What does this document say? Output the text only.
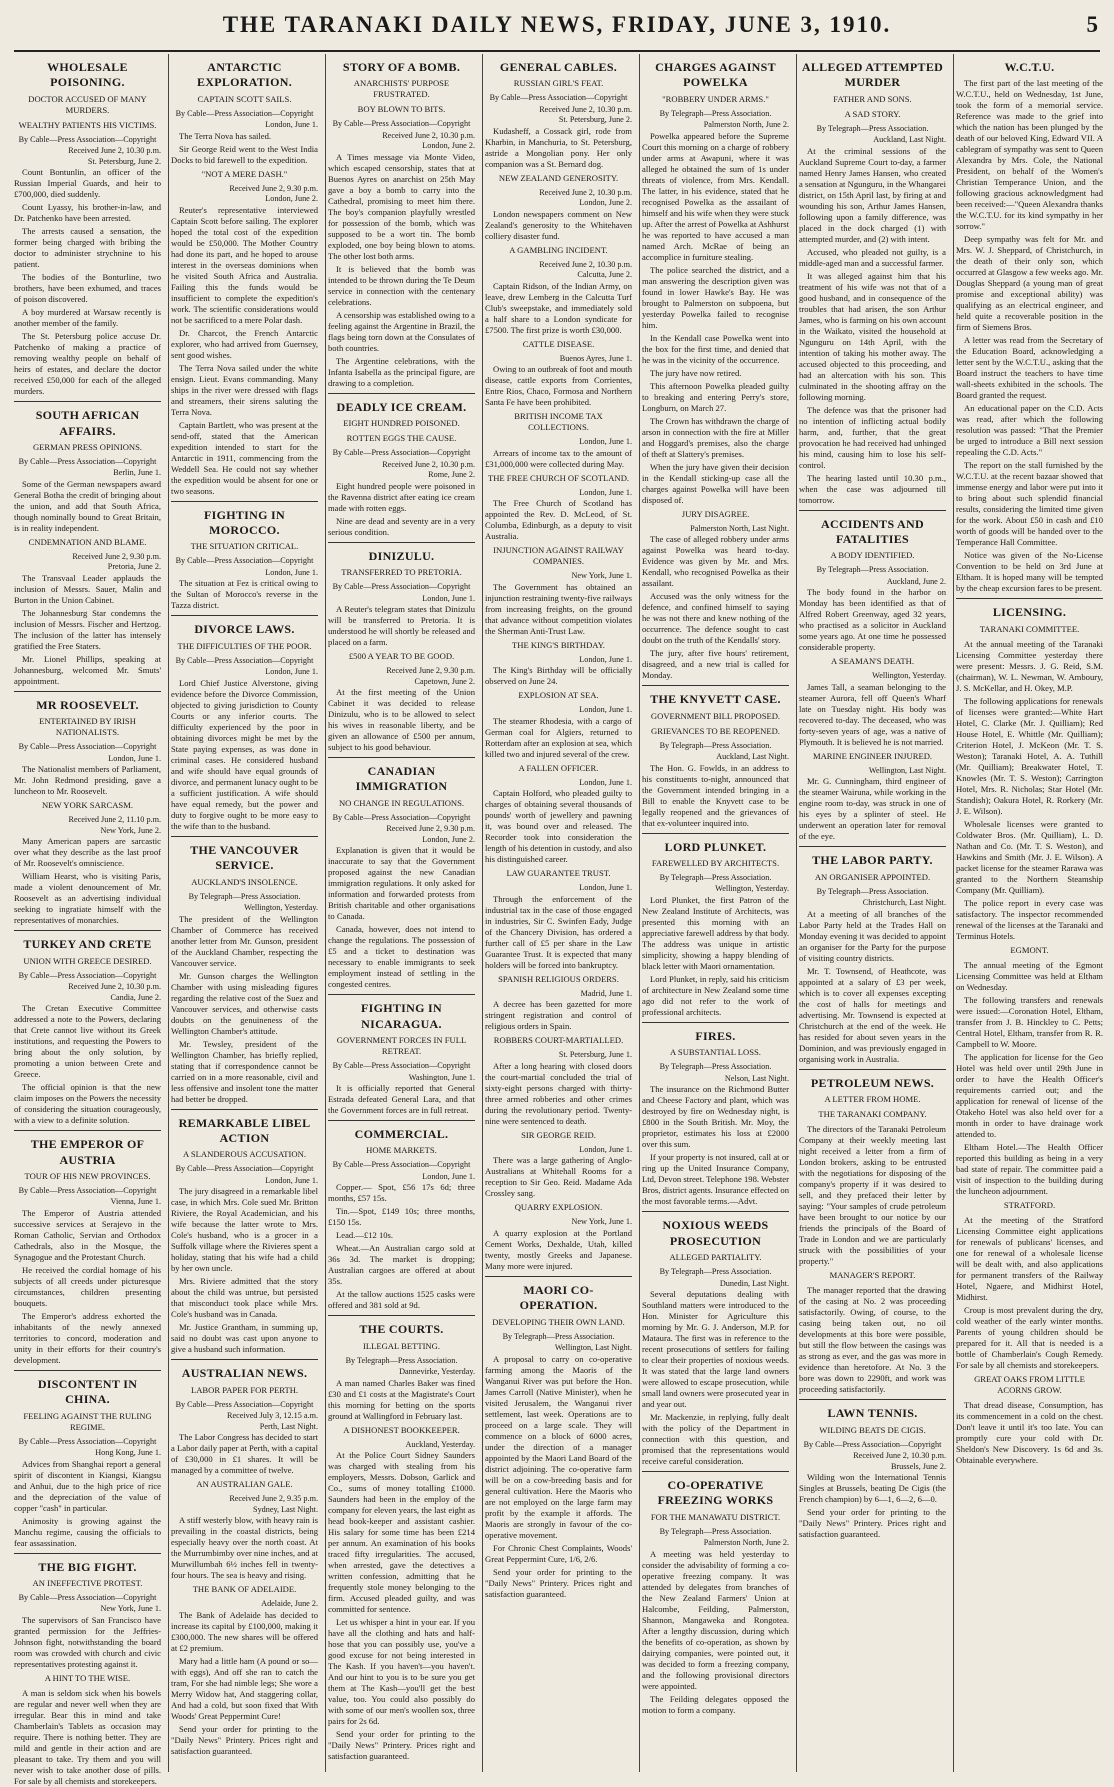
THE TARANAKI DAILY NEWS, FRIDAY, JUNE 3, 1910.	5
WHOLESALE POISONING.
DOCTOR ACCUSED OF MANY MURDERS.
WEALTHY PATIENTS HIS VICTIMS.
By Cable—Press Association—Copyright
Received June 2, 10.30 p.m.
St. Petersburg, June 2.

Count Bontunlin, an officer of the Russian Imperial Guards, and heir to £700,000, died suddenly.

Count Lyassy, his brother-in-law, and Dr. Patchenko have been arrested.

The arrests caused a sensation, the former being charged with bribing the doctor to administer strychnine to his patient.

The bodies of the Bonturline, two brothers, have been exhumed, and traces of poison discovered.

A boy murdered at Warsaw recently is another member of the family.

The St. Petersburg police accuse Dr. Patchenko of making a practice of removing wealthy people on behalf of heirs of estates, and declare the doctor received £50,000 for each of the alleged murders.

SOUTH AFRICAN AFFAIRS.
GERMAN PRESS OPINIONS.
By Cable—Press Association—Copyright
Berlin, June 1.

Some of the German newspapers award General Botha the credit of bringing about the union, and add that South Africa, though nominally bound to Great Britain, is in reality independent.

CNDEMNATION AND BLAME.
Received June 2, 9.30 p.m.
Pretoria, June 2.

The Transvaal Leader applauds the inclusion of Messrs. Sauer, Malin and Burton in the Union Cabinet.

The Johannesburg Star condemns the inclusion of Messrs. Fischer and Hertzog. The inclusion of the latter has intensely gratified the Free Staters.

Mr. Lionel Phillips, speaking at Johannesburg, welcomed Mr. Smuts' appointment.

MR ROOSEVELT.
ENTERTAINED BY IRISH NATIONALISTS.
By Cable—Press Association—Copyright
London, June 1.

The Nationalist members of Parliament, Mr. John Redmond presiding, gave a luncheon to Mr. Roosevelt.

NEW YORK SARCASM.
Received June 2, 11.10 p.m.
New York, June 2.

Many American papers are sarcastic over what they describe as the last proof of Mr. Roosevelt's omniscience.

William Hearst, who is visiting Paris, made a violent denouncement of Mr. Roosevelt as an advertising individual seeking to ingratiate himself with the representatives of monarchies.

TURKEY AND CRETE
UNION WITH GREECE DESIRED.
By Cable—Press Association—Copyright
Received June 2, 10.30 p.m.
Candia, June 2.

The Cretan Executive Committee addressed a note to the Powers, declaring that Crete cannot live without its Greek institutions, and requesting the Powers to bring about the only solution, by promoting a union between Crete and Greece.

The official opinion is that the new claim imposes on the Powers the necessity of considering the situation courageously, with a view to a definite solution.

THE EMPEROR OF AUSTRIA
TOUR OF HIS NEW PROVINCES.
By Cable—Press Association—Copyright
Vienna, June 1.

The Emperor of Austria attended successive services at Serajevo in the Roman Catholic, Servian and Orthodox Cathedrals, also in the Mosque, the Synagogue and the Protestant Church.

He received the cordial homage of his subjects of all creeds under picturesque circumstances, children presenting bouquets.

The Emperor's address exhorted the inhabitants of the newly annexed territories to concord, moderation and unity in their efforts for their country's development.

DISCONTENT IN CHINA.
FEELING AGAINST THE RULING REGIME.
By Cable—Press Association—Copyright
Hong Kong, June 1.

Advices from Shanghai report a general spirit of discontent in Kiangsi, Kiangsu and Anhui, due to the high price of rice and the depreciation of the value of copper "cash" in particular.

Animosity is growing against the Manchu regime, causing the officials to fear assassination.

THE BIG FIGHT.
AN INEFFECTIVE PROTEST.
By Cable—Press Association—Copyright
New York, June 1.

The supervisors of San Francisco have granted permission for the Jeffries-Johnson fight, notwithstanding the board room was crowded with church and civic representatives protesting against it.

A HINT TO THE WISE.

A man is seldom sick when his bowels are regular and never well when they are irregular. Bear this in mind and take Chamberlain's Tablets as occasion may require. There is nothing better. They are mild and gentle in their action and are pleasant to take. Try them and you will never wish to take another dose of pills. For sale by all chemists and storekeepers.

ANTARCTIC EXPLORATION.
CAPTAIN SCOTT SAILS.
By Cable—Press Association—Copyright
London, June 1.

The Terra Nova has sailed.

Sir George Reid went to the West India Docks to bid farewell to the expedition.

"NOT A MERE DASH."
Received June 2, 9.30 p.m.
London, June 2.

Reuter's representative interviewed Captain Scott before sailing. The explorer hoped the total cost of the expedition would be £50,000. The Mother Country had done its part, and he hoped to arouse interest in the overseas dominions when he visited South Africa and Australia. Failing this the funds would be insufficient to complete the expedition's work. The scientific considerations would not be sacrificed to a mere Polar dash.

Dr. Charcot, the French Antarctic explorer, who had arrived from Guernsey, sent good wishes.

The Terra Nova sailed under the white ensign. Lieut. Evans commanding. Many ships in the river were dressed with flags and streamers, their sirens saluting the Terra Nova.

Captain Bartlett, who was present at the send-off, stated that the American expedition intended to start for the Antarctic in 1911, commencing from the Weddell Sea. He could not say whether the expedition would be absent for one or two seasons.

FIGHTING IN MOROCCO.
THE SITUATION CRITICAL.
By Cable—Press Association—Copyright
London, June 1.

The situation at Fez is critical owing to the Sultan of Morocco's reverse in the Tazza district.

DIVORCE LAWS.
THE DIFFICULTIES OF THE POOR.
By Cable—Press Association—Copyright
London, June 1.

Lord Chief Justice Alverstone, giving evidence before the Divorce Commission, objected to giving jurisdiction to County Courts or any inferior courts. The difficulty experienced by the poor in obtaining divorces might be met by the State paying expenses, as was done in criminal cases. He considered husband and wife should have equal grounds of divorce, and permanent lunacy ought to be a sufficient justification. A wife should have equal remedy, but the power and duty to forgive ought to be more easy to the wife than to the husband.

THE VANCOUVER SERVICE.
AUCKLAND'S INSOLENCE.
By Telegraph—Press Association.
Wellington, Yesterday.

The president of the Wellington Chamber of Commerce has received another letter from Mr. Gunson, president of the Auckland Chamber, respecting the Vancouver service.

Mr. Gunson charges the Wellington Chamber with using misleading figures regarding the relative cost of the Suez and Vancouver services, and otherwise casts doubts on the genuineness of the Wellington Chamber's attitude.

Mr. Tewsley, president of the Wellington Chamber, has briefly replied, stating that if correspondence cannot be carried on in a more reasonable, civil and less offensive and insolent tone the matter had better be dropped.

REMARKABLE LIBEL ACTION
A SLANDEROUS ACCUSATION.
By Cable—Press Association—Copyright
London, June 1.

The jury disagreed in a remarkable libel case, in which Mrs. Cole sued Mr. Britton Riviere, the Royal Academician, and his wife because the latter wrote to Mrs. Cole's husband, who is a grocer in a Suffolk village where the Rivieres spent a holiday, stating that his wife had a child by her own uncle.

Mrs. Riviere admitted that the story about the child was untrue, but persisted that misconduct took place while Mrs. Cole's husband was in Canada.

Mr. Justice Grantham, in summing up, said no doubt was cast upon anyone to give a husband such information.

AUSTRALIAN NEWS.
LABOR PAPER FOR PERTH.
By Cable—Press Association—Copyright
Received July 3, 12.15 a.m.
Perth, Last Night.

The Labor Congress has decided to start a Labor daily paper at Perth, with a capital of £30,000 in £1 shares. It will be managed by a committee of twelve.

AN AUSTRALIAN GALE.
Received June 2, 9.35 p.m.
Sydney, Last Night.

A stiff westerly blow, with heavy rain is prevailing in the coastal districts, being especially heavy over the north coast. At the Murrumbimby over nine inches, and at Murwillumbah 6½ inches fell in twenty-four hours. The sea is heavy and rising.

THE BANK OF ADELAIDE.
Adelaide, June 2.

The Bank of Adelaide has decided to increase its capital by £100,000, making it £300,000. The new shares will be offered at £2 premium.

Mary had a little ham (A pound or so—with eggs), And off she ran to catch the tram, For she had nimble legs; She wore a Merry Widow hat, And staggering collar, And had a cold, but soon fixed that With Woods' Great Peppermint Cure!

Send your order for printing to the "Daily News" Printery. Prices right and satisfaction guaranteed.

STORY OF A BOMB.
ANARCHISTS' PURPOSE FRUSTRATED.
BOY BLOWN TO BITS.
By Cable—Press Association—Copyright
Received June 2, 10.30 p.m.
London, June 2.

A Times message via Monte Video, which escaped censorship, states that at Buenos Ayres on anarchist on 25th May gave a boy a bomb to carry into the Cathedral, promising to meet him there. The boy's companion playfully wrestled for possession of the bomb, which was supposed to be a wort tin. The bomb exploded, one boy being blown to atoms. The other lost both arms.

It is believed that the bomb was intended to be thrown during the Te Deum service in connection with the centenary celebrations.

A censorship was established owing to a feeling against the Argentine in Brazil, the flags being torn down at the Consulates of both countries.

The Argentine celebrations, with the Infanta Isabella as the principal figure, are drawing to a completion.

DEADLY ICE CREAM.
EIGHT HUNDRED POISONED.
ROTTEN EGGS THE CAUSE.
By Cable—Press Association—Copyright
Received June 2, 10.30 p.m.
Rome, June 2.

Eight hundred people were poisoned in the Ravenna district after eating ice cream made with rotten eggs.

Nine are dead and seventy are in a very serious condition.

DINIZULU.
TRANSFERRED TO PRETORIA.
By Cable—Press Association—Copyright
London, June 1.

A Reuter's telegram states that Dinizulu will be transferred to Pretoria. It is understood he will shortly be released and placed on a farm.

£500 A YEAR TO BE GOOD.
Received June 2, 9.30 p.m.
Capetown, June 2.

At the first meeting of the Union Cabinet it was decided to release Dinizulu, who is to be allowed to select his wives in reasonable liberty, and be given an allowance of £500 per annum, subject to his good behaviour.

CANADIAN IMMIGRATION
NO CHANGE IN REGULATIONS.
By Cable—Press Association—Copyright
Received June 2, 9.30 p.m.
London, June 2.

Explanation is given that it would be inaccurate to say that the Government proposed against the new Canadian immigration regulations. It only asked for information and forwarded protests from British charitable and other organisations to Canada.

Canada, however, does not intend to change the regulations. The possession of £5 and a ticket to destination was necessary to enable immigrants to seek employment instead of settling in the congested centres.

FIGHTING IN NICARAGUA.
GOVERNMENT FORCES IN FULL RETREAT.
By Cable—Press Association—Copyright
Washington, June 1.

It is officially reported that General Estrada defeated General Lara, and that the Government forces are in full retreat.

COMMERCIAL.
HOME MARKETS.
By Cable—Press Association—Copyright
London, June 1.

Copper.— Spot, £56 17s 6d; three months, £57 15s.

Tin.—Spot, £149 10s; three months, £150 15s.

Lead.—£12 10s.

Wheat.—An Australian cargo sold at 36s 3d. The market is dropping; Australian cargoes are offered at about 35s.

At the tallow auctions 1525 casks were offered and 381 sold at 9d.

THE COURTS.
ILLEGAL BETTING.
By Telegraph—Press Association.
Dannevirke, Yesterday.

A man named Charles Baker was fined £30 and £1 costs at the Magistrate's Court this morning for betting on the sports ground at Wallingford in February last.

A DISHONEST BOOKKEEPER.
Auckland, Yesterday.

At the Police Court Sidney Saunders was charged with stealing from his employers, Messrs. Dobson, Garlick and Co., sums of money totalling £1000. Saunders had been in the employ of the company for eleven years, the last eight as head book-keeper and assistant cashier. His salary for some time has been £214 per annum. An examination of his books traced fifty irregularities. The accused, when arrested, gave the detectives a written confession, admitting that he frequently stole money belonging to the firm. Accused pleaded guilty, and was committed for sentence.

Let us whisper a hint in your ear. If you have all the clothing and hats and half-hose that you can possibly use, you've a good excuse for not being interested in The Kash. If you haven't—you haven't. And our hint to you is to be sure you get them at The Kash—you'll get the best value, too. You could also possibly do with some of our men's woollen sox, three pairs for 2s 6d.

Send your order for printing to the "Daily News" Printery. Prices right and satisfaction guaranteed.

GENERAL CABLES.
RUSSIAN GIRL'S FEAT.
By Cable—Press Association—Copyright
Received June 2, 10.30 p.m.
St. Petersburg, June 2.

Kudasheff, a Cossack girl, rode from Kharbin, in Manchuria, to St. Petersburg, astride a Mongolian pony. Her only companion was a St. Bernard dog.

NEW ZEALAND GENEROSITY.
Received June 2, 10.30 p.m.
London, June 2.

London newspapers comment on New Zealand's generosity to the Whitehaven colliery disaster fund.

A GAMBLING INCIDENT.
Received June 2, 10.30 p.m.
Calcutta, June 2.

Captain Ridson, of the Indian Army, on leave, drew Lemberg in the Calcutta Turf Club's sweepstake, and immediately sold a half share to a London syndicate for £7500. The first prize is worth £30,000.

CATTLE DISEASE.
Buenos Ayres, June 1.

Owing to an outbreak of foot and mouth disease, cattle exports from Corrientes, Entre Rios, Chaco, Formosa and Northern Santa Fe have been prohibited.

BRITISH INCOME TAX COLLECTIONS.
London, June 1.

Arrears of income tax to the amount of £31,000,000 were collected during May.

THE FREE CHURCH OF SCOTLAND.
London, June 1.

The Free Church of Scotland has appointed the Rev. D. McLeod, of St. Columba, Edinburgh, as a deputy to visit Australia.

INJUNCTION AGAINST RAILWAY COMPANIES.
New York, June 1.

The Government has obtained an injunction restraining twenty-five railways from increasing freights, on the ground that advance without competition violates the Sherman Anti-Trust Law.

THE KING'S BIRTHDAY.
London, June 1.

The King's Birthday will be officially observed on June 24.

EXPLOSION AT SEA.
London, June 1.

The steamer Rhodesia, with a cargo of German coal for Algiers, returned to Rotterdam after an explosion at sea, which killed two and injured several of the crew.

A FALLEN OFFICER.
London, June 1.

Captain Holford, who pleaded guilty to charges of obtaining several thousands of pounds' worth of jewellery and pawning it, was bound over and released. The Recorder took into consideration the length of his detention in custody, and also his distinguished career.

LAW GUARANTEE TRUST.
London, June 1.

Through the enforcement of the industrial tax in the case of those engaged in industries, Sir C. Swinfen Eady, Judge of the Chancery Division, has ordered a further call of £5 per share in the Law Guarantee Trust. It is expected that many holders will be forced into bankruptcy.

SPANISH RELIGIOUS ORDERS.
Madrid, June 1.

A decree has been gazetted for more stringent registration and control of religious orders in Spain.

ROBBERS COURT-MARTIALLED.
St. Petersburg, June 1.

After a long hearing with closed doors the court-martial concluded the trial of sixty-eight persons charged with thirty-three armed robberies and other crimes during the revolutionary period. Twenty-nine were sentenced to death.

SIR GEORGE REID.
London, June 1.

There was a large gathering of Anglo-Australians at Whitehall Rooms for a reception to Sir Geo. Reid. Madame Ada Crossley sang.

QUARRY EXPLOSION.
New York, June 1.

A quarry explosion at the Portland Cement Works, Dexhalde, Utah, killed twenty, mostly Greeks and Japanese. Many more were injured.

MAORI CO-OPERATION.
DEVELOPING THEIR OWN LAND.
By Telegraph—Press Association.
Wellington, Last Night.

A proposal to carry on co-operative farming among the Maoris of the Wanganui River was put before the Hon. James Carroll (Native Minister), when he visited Jerusalem, the Wanganui river settlement, last week. Operations are to proceed on a large scale. They will commence on a block of 6000 acres, under the direction of a manager appointed by the Maori Land Board of the district adjoining. The co-operative farm will be on a cow-breeding basis and for general cultivation. Here the Maoris who are not employed on the large farm may profit by the example it affords. The Maoris are strongly in favour of the co-operative movement.

For Chronic Chest Complaints, Woods' Great Peppermint Cure, 1/6, 2/6.

Send your order for printing to the "Daily News" Printery. Prices right and satisfaction guaranteed.

CHARGES AGAINST POWELKA
"ROBBERY UNDER ARMS."
By Telegraph—Press Association.
Palmerston North, June 2.

Powelka appeared before the Supreme Court this morning on a charge of robbery under arms at Awapuni, where it was alleged he obtained the sum of 1s under threats of violence, from Mrs. Kendall. The latter, in his evidence, stated that he recognised Powelka as the assailant of himself and his wife when they were stuck up. After the arrest of Powelka at Ashhurst he was reported to have accused a man named Arch. McRae of being an accomplice in furniture stealing.

The police searched the district, and a man answering the description given was found in lower Hawke's Bay. He was brought to Palmerston on subpoena, but yesterday Powelka failed to recognise him.

In the Kendall case Powelka went into the box for the first time, and denied that he was in the vicinity of the occurrence.

The jury have now retired.

This afternoon Powelka pleaded guilty to breaking and entering Perry's store, Longburn, on March 27.

The Crown has withdrawn the charge of arson in connection with the fire at Miller and Hoggard's premises, also the charge of theft at Slattery's premises.

When the jury have given their decision in the Kendall sticking-up case all the charges against Powelka will have been disposed of.

JURY DISAGREE.
Palmerston North, Last Night.

The case of alleged robbery under arms against Powelka was heard to-day. Evidence was given by Mr. and Mrs. Kendall, who recognised Powelka as their assailant.

Accused was the only witness for the defence, and confined himself to saying he was not there and knew nothing of the occurrence. The defence sought to cast doubt on the truth of the Kendalls' story.

The jury, after five hours' retirement, disagreed, and a new trial is called for Monday.

THE KNYVETT CASE.
GOVERNMENT BILL PROPOSED.
GRIEVANCES TO BE REOPENED.
By Telegraph—Press Association.
Auckland, Last Night.

The Hon. G. Fowlds, in an address to his constituents to-night, announced that the Government intended bringing in a Bill to enable the Knyvett case to be legally reopened and the grievances of that ex-volunteer inquired into.

LORD PLUNKET.
FAREWELLED BY ARCHITECTS.
By Telegraph—Press Association.
Wellington, Yesterday.

Lord Plunket, the first Patron of the New Zealand Institute of Architects, was presented this morning with an appreciative farewell address by that body. The address was unique in artistic simplicity, showing a happy blending of black letter with Maori ornamentation.

Lord Plunket, in reply, said his criticism of architecture in New Zealand some time ago did not refer to the work of professional architects.

FIRES.
A SUBSTANTIAL LOSS.
By Telegraph—Press Association.
Nelson, Last Night.

The insurance on the Richmond Butter and Cheese Factory and plant, which was destroyed by fire on Wednesday night, is £800 in the South British. Mr. Moy, the proprietor, estimates his loss at £2000 over this sum.

If your property is not insured, call at or ring up the United Insurance Company, Ltd, Devon street. Telephone 198. Webster Bros, district agents. Insurance effected on the most favorable terms.—Advt.

NOXIOUS WEEDS PROSECUTION
ALLEGED PARTIALITY.
By Telegraph—Press Association.
Dunedin, Last Night.

Several deputations dealing with Southland matters were introduced to the Hon. Minister for Agriculture this morning by Mr. G. J. Anderson, M.P. for Mataura. The first was in reference to the recent prosecutions of settlers for failing to clear their properties of noxious weeds. It was stated that the large land owners were allowed to escape prosecution, while small land owners were prosecuted year in and year out.

Mr. Mackenzie, in replying, fully dealt with the policy of the Department in connection with this question, and promised that the representations would receive careful consideration.

CO-OPERATIVE FREEZING WORKS
FOR THE MANAWATU DISTRICT.
By Telegraph—Press Association.
Palmerston North, June 2.

A meeting was held yesterday to consider the advisability of forming a co-operative freezing company. It was attended by delegates from branches of the New Zealand Farmers' Union at Halcombe, Feilding, Palmerston, Shannon, Mangaweka and Rongotea. After a lengthy discussion, during which the benefits of co-operation, as shown by dairying companies, were pointed out, it was decided to form a freezing company, and the following provisional directors were appointed.

The Feilding delegates opposed the motion to form a company.

ALLEGED ATTEMPTED MURDER
FATHER AND SONS.
A SAD STORY.
By Telegraph—Press Association.
Auckland, Last Night.

At the criminal sessions of the Auckland Supreme Court to-day, a farmer named Henry James Hansen, who created a sensation at Ngunguru, in the Whangarei district, on 15th April last, by firing at and wounding his son, Arthur James Hansen, following upon a family difference, was placed in the dock charged (1) with attempted murder, and (2) with intent.

Accused, who pleaded not guilty, is a middle-aged man and a successful farmer.

It was alleged against him that his treatment of his wife was not that of a good husband, and in consequence of the troubles that had arisen, the son Arthur James, who is farming on his own account in the Waikato, visited the household at Ngunguru on 14th April, with the intention of taking his mother away. The accused objected to this proceeding, and had an altercation with his son. This culminated in the shooting affray on the following morning.

The defence was that the prisoner had no intention of inflicting actual bodily harm, and, further, that the great provocation he had received had unhinged his mind, causing him to lose his self-control.

The hearing lasted until 10.30 p.m., when the case was adjourned till tomorrow.

ACCIDENTS AND FATALITIES
A BODY IDENTIFIED.
By Telegraph—Press Association.
Auckland, June 2.

The body found in the harbor on Monday has been identified as that of Alfred Robert Greenway, aged 32 years, who practised as a solicitor in Auckland some years ago. At one time he possessed considerable property.

A SEAMAN'S DEATH.
Wellington, Yesterday.

James Tall, a seaman belonging to the steamer Aurora, fell off Queen's Wharf late on Tuesday night. His body was recovered to-day. The deceased, who was forty-seven years of age, was a native of Plymouth. It is believed he is not married.

MARINE ENGINEER INJURED.
Wellington, Last Night.

Mr. G. Cunningham, third engineer of the steamer Wairuna, while working in the engine room to-day, was struck in one of his eyes by a splinter of steel. He underwent an operation later for removal of the eye.

THE LABOR PARTY.
AN ORGANISER APPOINTED.
By Telegraph—Press Association.
Christchurch, Last Night.

At a meeting of all branches of the Labor Party held at the Trades Hall on Monday evening it was decided to appoint an organiser for the Party for the purpose of visiting country districts.

Mr. T. Townsend, of Heathcote, was appointed at a salary of £3 per week, which is to cover all expenses excepting the cost of halls for meetings and advertising. Mr. Townsend is expected at Christchurch at the end of the week. He has resided for about seven years in the Dominion, and was previously engaged in organising work in Australia.

PETROLEUM NEWS.
A LETTER FROM HOME.
THE TARANAKI COMPANY.

The directors of the Taranaki Petroleum Company at their weekly meeting last night received a letter from a firm of London brokers, asking to be entrusted with the negotiations for disposing of the company's property if it was desired to sell, and they prefaced their letter by saying: "Your samples of crude petroleum have been brought to our notice by our friends the principals of the Board of Trade in London and we are particularly struck with the possibilities of your property."

MANAGER'S REPORT.

The manager reported that the drawing of the casing at No. 2 was proceeding satisfactorily. Owing, of course, to the casing being taken out, no oil developments at this bore were possible, but still the flow between the casings was as strong as ever, and the gas was more in evidence than heretofore. At No. 3 the bore was down to 2290ft, and work was proceeding satisfactorily.

LAWN TENNIS.
WILDING BEATS DE CIGIS.
By Cable—Press Association—Copyright
Received June 2, 10.30 p.m.
Brussels, June 2.

Wilding won the International Tennis Singles at Brussels, beating De Cigis (the French champion) by 6—1, 6—2, 6—0.

Send your order for printing to the "Daily News" Printery. Prices right and satisfaction guaranteed.

W.C.T.U.

The first part of the last meeting of the W.C.T.U., held on Wednesday, 1st June, took the form of a memorial service. Reference was made to the grief into which the nation has been plunged by the death of our beloved King, Edward VII. A cablegram of sympathy was sent to Queen Alexandra by Mrs. Cole, the National President, on behalf of the Women's Christian Temperance Union, and the following gracious acknowledgment had been received:—"Queen Alexandra thanks the W.C.T.U. for its kind sympathy in her sorrow."

Deep sympathy was felt for Mr. and Mrs. W. J. Sheppard, of Christchurch, in the death of their only son, which occurred at Glasgow a few weeks ago. Mr. Douglas Sheppard (a young man of great promise and exceptional ability) was qualifying as an electrical engineer, and held quite a recoverable position in the firm of Siemens Bros.

A letter was read from the Secretary of the Education Board, acknowledging a letter sent by the W.C.T.U., asking that the Board instruct the teachers to have time wall-sheets exhibited in the schools. The Board granted the request.

An educational paper on the C.D. Acts was read, after which the following resolution was passed: "That the Premier be urged to introduce a Bill next session repealing the C.D. Acts."

The report on the stall furnished by the W.C.T.U. at the recent bazaar showed that immense energy and labor were put into it to bring about such splendid financial results, considering the limited time given for the work. About £50 in cash and £10 worth of goods will be handed over to the Temperance Hall Committee.

Notice was given of the No-License Convention to be held on 3rd June at Eltham. It is hoped many will be tempted by the cheap excursion fares to be present.

LICENSING.
TARANAKI COMMITTEE.

At the annual meeting of the Taranaki Licensing Committee yesterday there were present: Messrs. J. G. Reid, S.M. (chairman), W. L. Newman, W. Amboury, J. S. McKellar, and H. Okey, M.P.

The following applications for renewals of licenses were granted:—White Hart Hotel, C. Clarke (Mr. J. Quilliam); Red House Hotel, E. Whittle (Mr. Quilliam); Criterion Hotel, J. McKeon (Mr. T. S. Weston); Taranaki Hotel, A. A. Tuthill (Mr. Quilliam); Breakwater Hotel, T. Knowles (Mr. T. S. Weston); Carrington Hotel, Mrs. R. Nicholas; Star Hotel (Mr. Standish); Oakura Hotel, R. Rorkery (Mr. J. E. Wilson).

Wholesale licenses were granted to Coldwater Bros. (Mr. Quilliam), L. D. Nathan and Co. (Mr. T. S. Weston), and Hawkins and Smith (Mr. J. E. Wilson). A packet license for the steamer Rarawa was granted to the Northern Steamship Company (Mr. Quilliam).

The police report in every case was satisfactory. The inspector recommended renewal of the licenses at the Taranaki and Terminus Hotels.

EGMONT.

The annual meeting of the Egmont Licensing Committee was held at Eltham on Wednesday.

The following transfers and renewals were issued:—Coronation Hotel, Eltham, transfer from J. B. Hinckley to C. Petts; Central Hotel, Eltham, transfer from R. R. Campbell to W. Moore.

The application for license for the Geo Hotel was held over until 29th June in order to have the Health Officer's requirements carried out; and the application for renewal of license of the Otakeho Hotel was also held over for a month in order to have drainage work attended to.

Eltham Hotel.—The Health Officer reported this building as being in a very bad state of repair. The committee paid a visit of inspection to the building during the luncheon adjournment.

STRATFORD.

At the meeting of the Stratford Licensing Committee eight applications for renewals of publicans' licenses, and one for renewal of a wholesale license will be dealt with, and also applications for permanent transfers of the Railway Hotel, Ngaere, and Midhirst Hotel, Midhirst.

Croup is most prevalent during the dry, cold weather of the early winter months. Parents of young children should be prepared for it. All that is needed is a bottle of Chamberlain's Cough Remedy. For sale by all chemists and storekeepers.

GREAT OAKS FROM LITTLE ACORNS GROW.

That dread disease, Consumption, has its commencement in a cold on the chest. Don't leave it until it's too late. You can promptly cure your cold with Dr. Sheldon's New Discovery. 1s 6d and 3s. Obtainable everywhere.
